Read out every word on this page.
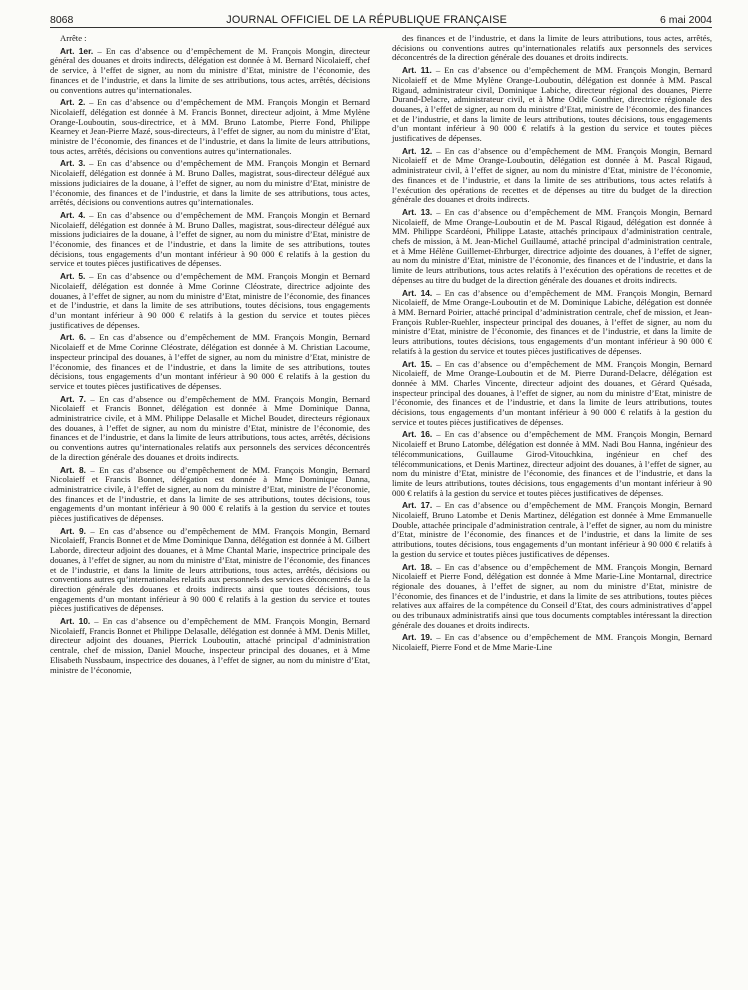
8068	JOURNAL OFFICIEL DE LA RÉPUBLIQUE FRANÇAISE	6 mai 2004

Arrête :

Art. 1er. – En cas d’absence ou d’empêchement de M. François Mongin, directeur général des douanes et droits indirects, délégation est donnée à M. Bernard Nicolaieff, chef de service, à l’effet de signer, au nom du ministre d’Etat, ministre de l’économie, des finances et de l’industrie, et dans la limite de ses attributions, tous actes, arrêtés, décisions ou conventions autres qu’internationales.

Art. 2. – En cas d’absence ou d’empêchement de MM. François Mongin et Bernard Nicolaieff, délégation est donnée à M. Francis Bonnet, directeur adjoint, à Mme Mylène Orange-Louboutin, sous-directrice, et à MM. Bruno Latombe, Pierre Fond, Philippe Kearney et Jean-Pierre Mazé, sous-directeurs, à l’effet de signer, au nom du ministre d’Etat, ministre de l’économie, des finances et de l’industrie, et dans la limite de leurs attributions, tous actes, arrêtés, décisions ou conventions autres qu’internationales.

Art. 3. – En cas d’absence ou d’empêchement de MM. François Mongin et Bernard Nicolaieff, délégation est donnée à M. Bruno Dalles, magistrat, sous-directeur délégué aux missions judiciaires de la douane, à l’effet de signer, au nom du ministre d’Etat, ministre de l’économie, des finances et de l’industrie, et dans la limite de ses attributions, tous actes, arrêtés, décisions ou conventions autres qu’internationales.

Art. 4. – En cas d’absence ou d’empêchement de MM. François Mongin et Bernard Nicolaieff, délégation est donnée à M. Bruno Dalles, magistrat, sous-directeur délégué aux missions judiciaires de la douane, à l’effet de signer, au nom du ministre d’Etat, ministre de l’économie, des finances et de l’industrie, et dans la limite de ses attributions, toutes décisions, tous engagements d’un montant inférieur à 90 000 € relatifs à la gestion du service et toutes pièces justificatives de dépenses.

Art. 5. – En cas d’absence ou d’empêchement de MM. François Mongin et Bernard Nicolaieff, délégation est donnée à Mme Corinne Cléostrate, directrice adjointe des douanes, à l’effet de signer, au nom du ministre d’Etat, ministre de l’économie, des finances et de l’industrie, et dans la limite de ses attributions, toutes décisions, tous engagements d’un montant inférieur à 90 000 € relatifs à la gestion du service et toutes pièces justificatives de dépenses.

Art. 6. – En cas d’absence ou d’empêchement de MM. François Mongin, Bernard Nicolaieff et de Mme Corinne Cléostrate, délégation est donnée à M. Christian Lacoume, inspecteur principal des douanes, à l’effet de signer, au nom du ministre d’Etat, ministre de l’économie, des finances et de l’industrie, et dans la limite de ses attributions, toutes décisions, tous engagements d’un montant inférieur à 90 000 € relatifs à la gestion du service et toutes pièces justificatives de dépenses.

Art. 7. – En cas d’absence ou d’empêchement de MM. François Mongin, Bernard Nicolaieff et Francis Bonnet, délégation est donnée à Mme Dominique Danna, administratrice civile, et à MM. Philippe Delasalle et Michel Boudet, directeurs régionaux des douanes, à l’effet de signer, au nom du ministre d’Etat, ministre de l’économie, des finances et de l’industrie, et dans la limite de leurs attributions, tous actes, arrêtés, décisions ou conventions autres qu’internationales relatifs aux personnels des services déconcentrés de la direction générale des douanes et droits indirects.

Art. 8. – En cas d’absence ou d’empêchement de MM. François Mongin, Bernard Nicolaieff et Francis Bonnet, délégation est donnée à Mme Dominique Danna, administratrice civile, à l’effet de signer, au nom du ministre d’Etat, ministre de l’économie, des finances et de l’industrie, et dans la limite de ses attributions, toutes décisions, tous engagements d’un montant inférieur à 90 000 € relatifs à la gestion du service et toutes pièces justificatives de dépenses.

Art. 9. – En cas d’absence ou d’empêchement de MM. François Mongin, Bernard Nicolaieff, Francis Bonnet et de Mme Dominique Danna, délégation est donnée à M. Gilbert Laborde, directeur adjoint des douanes, et à Mme Chantal Marie, inspectrice principale des douanes, à l’effet de signer, au nom du ministre d’Etat, ministre de l’économie, des finances et de l’industrie, et dans la limite de leurs attributions, tous actes, arrêtés, décisions ou conventions autres qu’internationales relatifs aux personnels des services déconcentrés de la direction générale des douanes et droits indirects ainsi que toutes décisions, tous engagements d’un montant inférieur à 90 000 € relatifs à la gestion du service et toutes pièces justificatives de dépenses.

Art. 10. – En cas d’absence ou d’empêchement de MM. François Mongin, Bernard Nicolaieff, Francis Bonnet et Philippe Delasalle, délégation est donnée à MM. Denis Millet, directeur adjoint des douanes, Pierrick Louboutin, attaché principal d’administration centrale, chef de mission, Daniel Mouche, inspecteur principal des douanes, et à Mme Elisabeth Nussbaum, inspectrice des douanes, à l’effet de signer, au nom du ministre d’Etat, ministre de l’économie,

des finances et de l’industrie, et dans la limite de leurs attributions, tous actes, arrêtés, décisions ou conventions autres qu’internationales relatifs aux personnels des services déconcentrés de la direction générale des douanes et droits indirects.

Art. 11. – En cas d’absence ou d’empêchement de MM. François Mongin, Bernard Nicolaieff et de Mme Mylène Orange-Louboutin, délégation est donnée à MM. Pascal Rigaud, administrateur civil, Dominique Labiche, directeur régional des douanes, Pierre Durand-Delacre, administrateur civil, et à Mme Odile Gonthier, directrice régionale des douanes, à l’effet de signer, au nom du ministre d’Etat, ministre de l’économie, des finances et de l’industrie, et dans la limite de leurs attributions, toutes décisions, tous engagements d’un montant inférieur à 90 000 € relatifs à la gestion du service et toutes pièces justificatives de dépenses.

Art. 12. – En cas d’absence ou d’empêchement de MM. François Mongin, Bernard Nicolaieff et de Mme Orange-Louboutin, délégation est donnée à M. Pascal Rigaud, administrateur civil, à l’effet de signer, au nom du ministre d’Etat, ministre de l’économie, des finances et de l’industrie, et dans la limite de ses attributions, tous actes relatifs à l’exécution des opérations de recettes et de dépenses au titre du budget de la direction générale des douanes et droits indirects.

Art. 13. – En cas d’absence ou d’empêchement de MM. François Mongin, Bernard Nicolaieff, de Mme Orange-Louboutin et de M. Pascal Rigaud, délégation est donnée à MM. Philippe Scardéoni, Philippe Lataste, attachés principaux d’administration centrale, chefs de mission, à M. Jean-Michel Guillaumé, attaché principal d’administration centrale, et à Mme Hélène Guillemet-Ehrburger, directrice adjointe des douanes, à l’effet de signer, au nom du ministre d’Etat, ministre de l’économie, des finances et de l’industrie, et dans la limite de leurs attributions, tous actes relatifs à l’exécution des opérations de recettes et de dépenses au titre du budget de la direction générale des douanes et droits indirects.

Art. 14. – En cas d’absence ou d’empêchement de MM. François Mongin, Bernard Nicolaieff, de Mme Orange-Louboutin et de M. Dominique Labiche, délégation est donnée à MM. Bernard Poirier, attaché principal d’administration centrale, chef de mission, et Jean-François Rubler-Ruehler, inspecteur principal des douanes, à l’effet de signer, au nom du ministre d’Etat, ministre de l’économie, des finances et de l’industrie, et dans la limite de leurs attributions, toutes décisions, tous engagements d’un montant inférieur à 90 000 € relatifs à la gestion du service et toutes pièces justificatives de dépenses.

Art. 15. – En cas d’absence ou d’empêchement de MM. François Mongin, Bernard Nicolaieff, de Mme Orange-Louboutin et de M. Pierre Durand-Delacre, délégation est donnée à MM. Charles Vincente, directeur adjoint des douanes, et Gérard Quésada, inspecteur principal des douanes, à l’effet de signer, au nom du ministre d’Etat, ministre de l’économie, des finances et de l’industrie, et dans la limite de leurs attributions, toutes décisions, tous engagements d’un montant inférieur à 90 000 € relatifs à la gestion du service et toutes pièces justificatives de dépenses.

Art. 16. – En cas d’absence ou d’empêchement de MM. François Mongin, Bernard Nicolaieff et Bruno Latombe, délégation est donnée à MM. Nadi Bou Hanna, ingénieur des télécommunications, Guillaume Girod-Vitouchkina, ingénieur en chef des télécommunications, et Denis Martinez, directeur adjoint des douanes, à l’effet de signer, au nom du ministre d’Etat, ministre de l’économie, des finances et de l’industrie, et dans la limite de leurs attributions, toutes décisions, tous engagements d’un montant inférieur à 90 000 € relatifs à la gestion du service et toutes pièces justificatives de dépenses.

Art. 17. – En cas d’absence ou d’empêchement de MM. François Mongin, Bernard Nicolaieff, Bruno Latombe et Denis Martinez, délégation est donnée à Mme Emmanuelle Double, attachée principale d’administration centrale, à l’effet de signer, au nom du ministre d’Etat, ministre de l’économie, des finances et de l’industrie, et dans la limite de ses attributions, toutes décisions, tous engagements d’un montant inférieur à 90 000 € relatifs à la gestion du service et toutes pièces justificatives de dépenses.

Art. 18. – En cas d’absence ou d’empêchement de MM. François Mongin, Bernard Nicolaieff et Pierre Fond, délégation est donnée à Mme Marie-Line Montarnal, directrice régionale des douanes, à l’effet de signer, au nom du ministre d’Etat, ministre de l’économie, des finances et de l’industrie, et dans la limite de ses attributions, toutes pièces relatives aux affaires de la compétence du Conseil d’Etat, des cours administratives d’appel ou des tribunaux administratifs ainsi que tous documents comptables intéressant la direction générale des douanes et droits indirects.

Art. 19. – En cas d’absence ou d’empêchement de MM. François Mongin, Bernard Nicolaieff, Pierre Fond et de Mme Marie-Line
